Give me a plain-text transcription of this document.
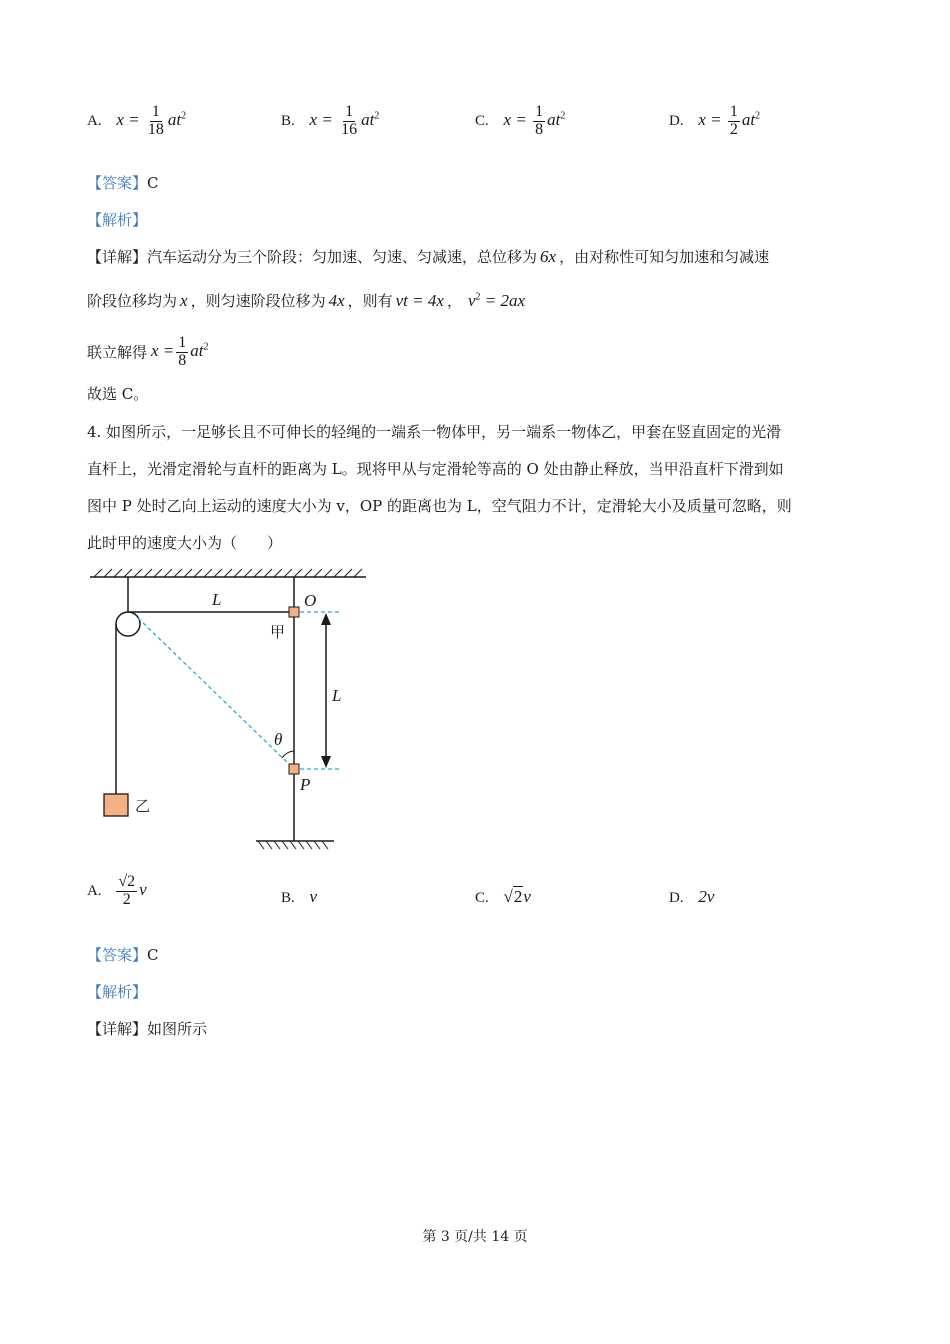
A. $x = \frac{1}{18} at^2$	B. $x = \frac{1}{16} at^2$	C. $x = \frac{1}{8} at^2$	D. $x = \frac{1}{2} at^2$
【答案】C
【解析】
【详解】汽车运动分为三个阶段：匀加速、匀速、匀减速，总位移为 6x ，由对称性可知匀加速和匀减速
阶段位移均为 x ，则匀速阶段位移为 4x ，则有 vt = 4x ， $v^2 = 2ax$
联立解得 $x = \frac{1}{8} at^2$
故选 C。
4. 如图所示，一足够长且不可伸长的轻绳的一端系一物体甲，另一端系一物体乙，甲套在竖直固定的光滑
直杆上，光滑定滑轮与直杆的距离为 L。现将甲从与定滑轮等高的 O 处由静止释放，当甲沿直杆下滑到如
图中 P 处时乙向上运动的速度大小为 v，OP 的距离也为 L，空气阻力不计，定滑轮大小及质量可忽略，则
此时甲的速度大小为（　　）
L	O
甲
L
θ
P
乙
A. $\frac{√2}{2}$ v	B. v	C. √2v	D. 2v
【答案】C
【解析】
【详解】如图所示
第 3 页/共 14 页
